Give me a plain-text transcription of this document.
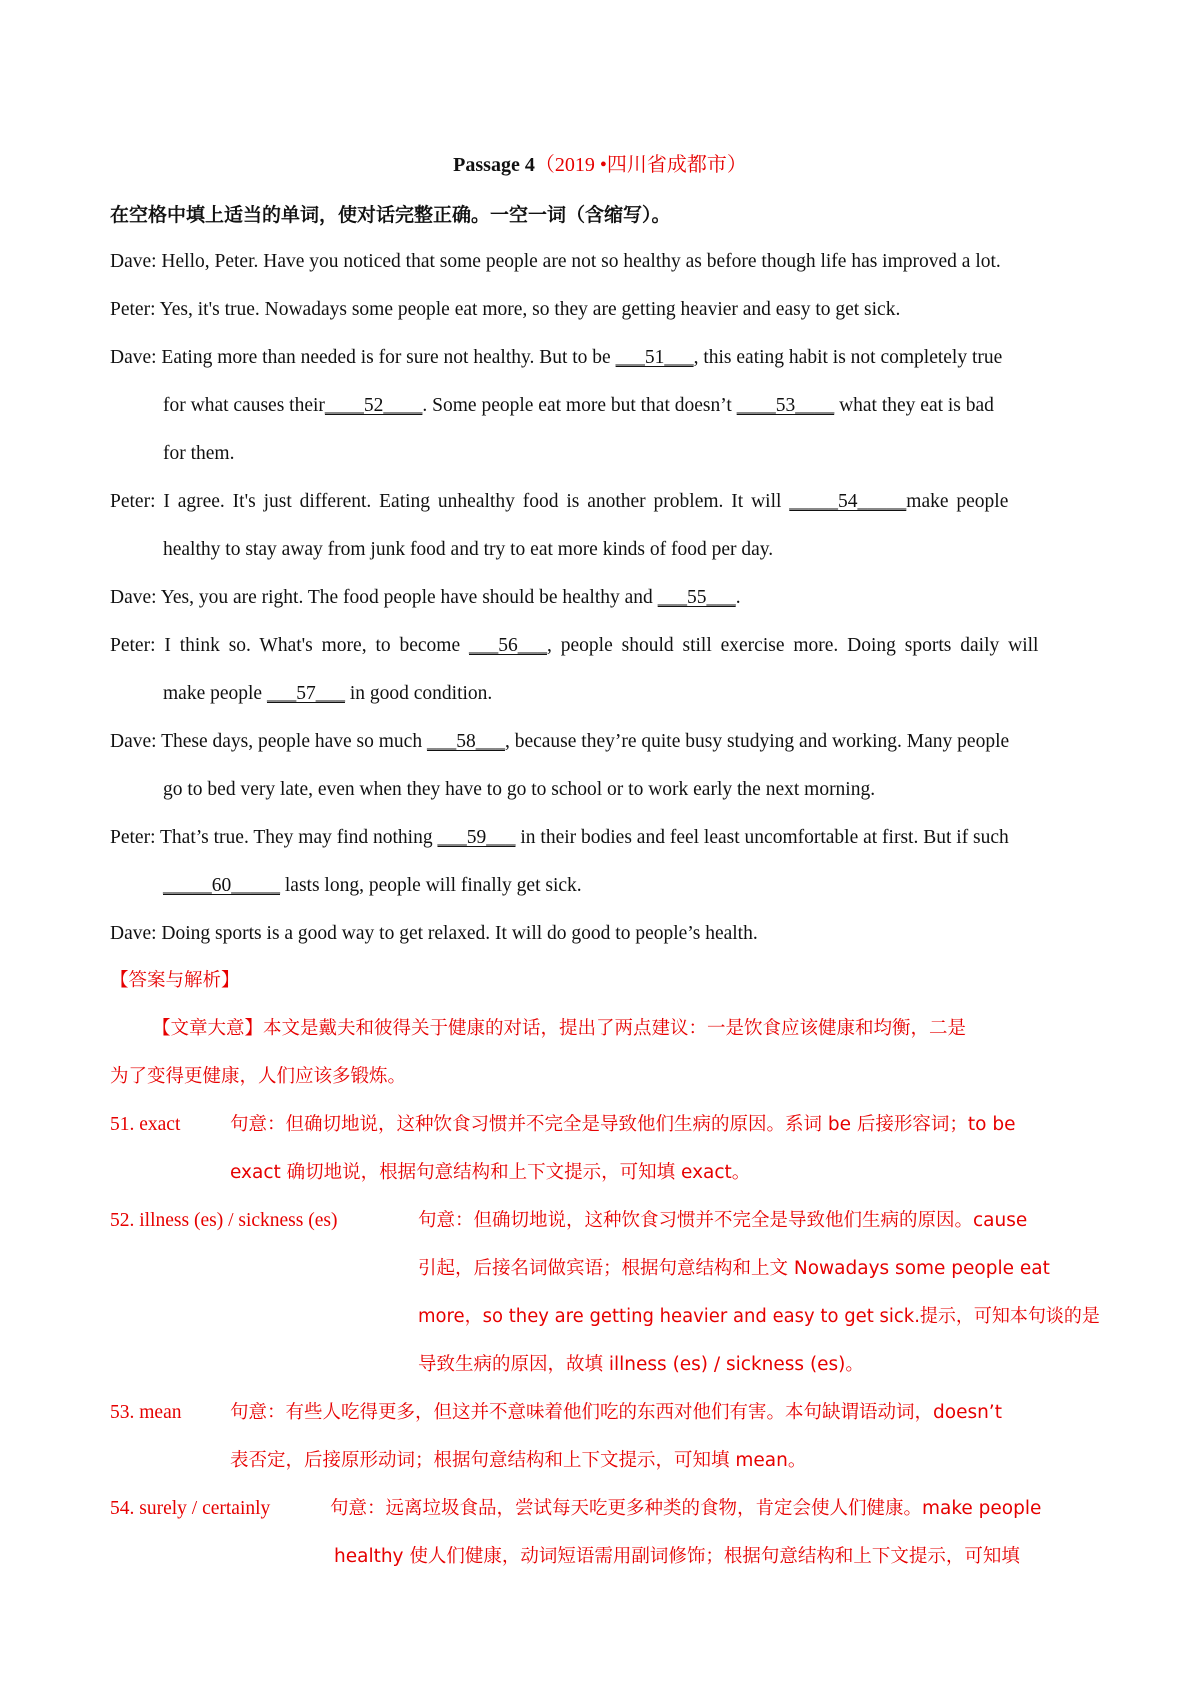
Passage 4（2019 •四川省成都市）
在空格中填上适当的单词，使对话完整正确。一空一词（含缩写）。
Dave: Hello, Peter. Have you noticed that some people are not so healthy as before though life has improved a lot.
Peter: Yes, it's true. Nowadays some people eat more, so they are getting heavier and easy to get sick.
Dave: Eating more than needed is for sure not healthy. But to be ___51___, this eating habit is not completely true
for what causes their____52____. Some people eat more but that doesn’t ____53____ what they eat is bad
for them.
Peter: I agree. It's just different. Eating unhealthy food is another problem. It will _____54_____make people
healthy to stay away from junk food and try to eat more kinds of food per day.
Dave: Yes, you are right. The food people have should be healthy and ___55___.
Peter: I think so. What's more, to become ___56___, people should still exercise more. Doing sports daily will
make people ___57___ in good condition.
Dave: These days, people have so much ___58___, because they’re quite busy studying and working. Many people
go to bed very late, even when they have to go to school or to work early the next morning.
Peter: That’s true. They may find nothing ___59___ in their bodies and feel least uncomfortable at first. But if such
_____60_____ lasts long, people will finally get sick.
Dave: Doing sports is a good way to get relaxed. It will do good to people’s health.
【答案与解析】
【文章大意】本文是戴夫和彼得关于健康的对话，提出了两点建议：一是饮食应该健康和均衡，二是
为了变得更健康，人们应该多锻炼。
51. exact	句意：但确切地说，这种饮食习惯并不完全是导致他们生病的原因。系词 be 后接形容词；to be
exact 确切地说，根据句意结构和上下文提示，可知填 exact。
52. illness (es) / sickness (es)	句意：但确切地说，这种饮食习惯并不完全是导致他们生病的原因。cause
引起，后接名词做宾语；根据句意结构和上文 Nowadays some people eat
more，so they are getting heavier and easy to get sick.提示，可知本句谈的是
导致生病的原因，故填 illness (es) / sickness (es)。
53. mean	句意：有些人吃得更多，但这并不意味着他们吃的东西对他们有害。本句缺谓语动词，doesn’t
表否定，后接原形动词；根据句意结构和上下文提示，可知填 mean。
54. surely / certainly	句意：远离垃圾食品，尝试每天吃更多种类的食物，肯定会使人们健康。make people
healthy 使人们健康，动词短语需用副词修饰；根据句意结构和上下文提示，可知填
